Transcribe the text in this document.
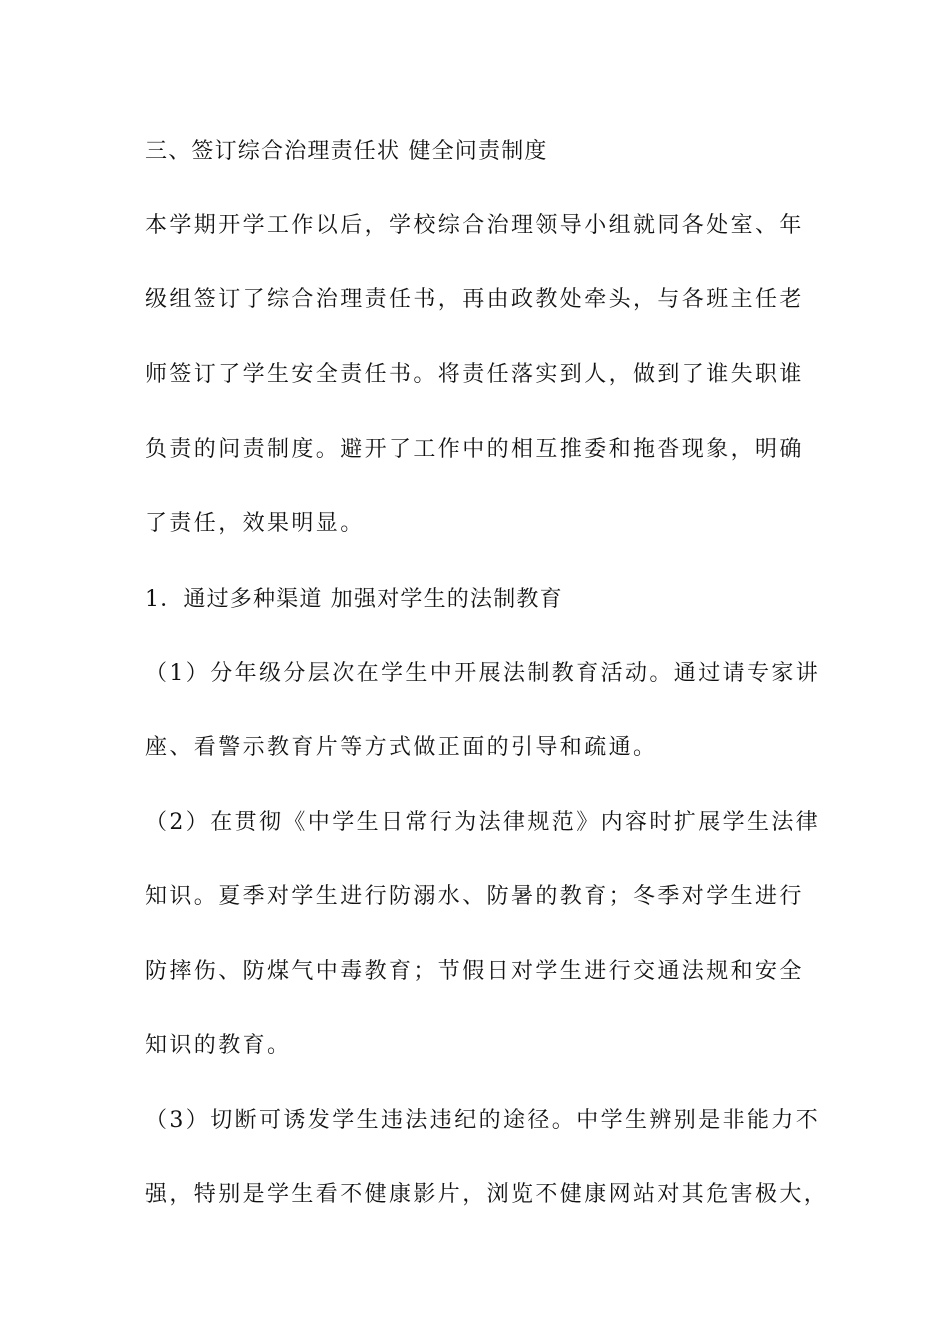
三、签订综合治理责任状 健全问责制度
本学期开学工作以后，学校综合治理领导小组就同各处室、年
级组签订了综合治理责任书，再由政教处牵头，与各班主任老
师签订了学生安全责任书。将责任落实到人，做到了谁失职谁
负责的问责制度。避开了工作中的相互推委和拖沓现象，明确
了责任，效果明显。
1．通过多种渠道 加强对学生的法制教育
（1）分年级分层次在学生中开展法制教育活动。通过请专家讲
座、看警示教育片等方式做正面的引导和疏通。
（2）在贯彻《中学生日常行为法律规范》内容时扩展学生法律
知识。夏季对学生进行防溺水、防暑的教育；冬季对学生进行
防摔伤、防煤气中毒教育；节假日对学生进行交通法规和安全
知识的教育。
（3）切断可诱发学生违法违纪的途径。中学生辨别是非能力不
强，特别是学生看不健康影片，浏览不健康网站对其危害极大，
